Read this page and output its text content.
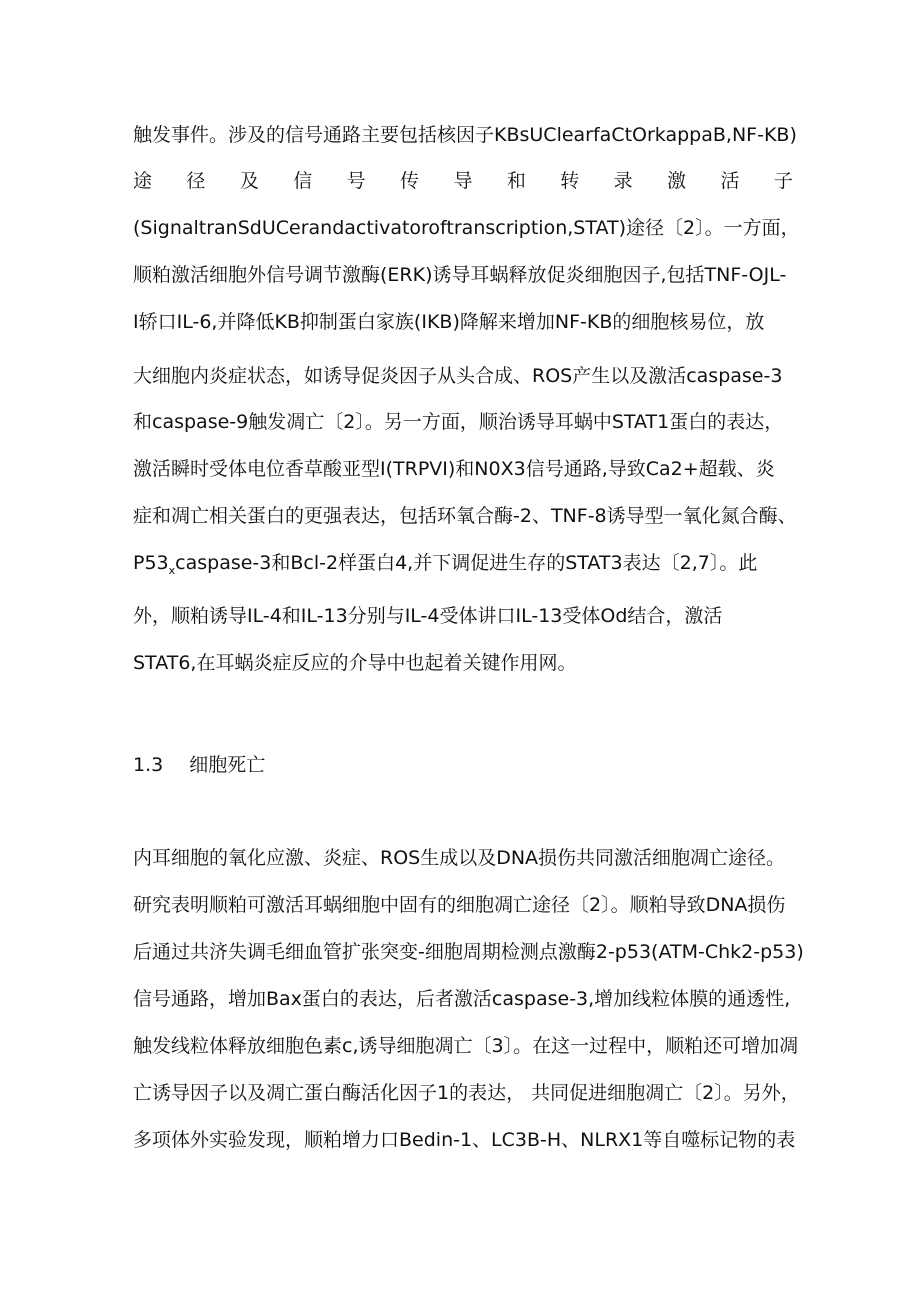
触发事件。涉及的信号通路主要包括核因子KBsUClearfaCtOrkappaB,NF-KB)
途 径 及 信 号 传 导 和 转 录 激 活 子
(SignaltranSdUCerandactivatoroftranscription,STAT)途径〔2〕。一方面，
顺粕激活细胞外信号调节激酶(ERK)诱导耳蜗释放促炎细胞因子,包括TNF-OJL-
I轿口IL-6,并降低KB抑制蛋白家族(IKB)降解来增加NF-KB的细胞核易位，放
大细胞内炎症状态，如诱导促炎因子从头合成、ROS产生以及激活caspase-3
和caspase-9触发凋亡〔2〕。另一方面，顺治诱导耳蜗中STAT1蛋白的表达，
激活瞬时受体电位香草酸亚型I(TRPVI)和N0X3信号通路,导致Ca2+超载、炎
症和凋亡相关蛋白的更强表达，包括环氧合酶-2、TNF-8诱导型一氧化氮合酶、
$P53_xcaspase-3$和Bcl-2样蛋白4,并下调促进生存的STAT3表达〔2,7〕。此
外，顺粕诱导IL-4和IL-13分别与IL-4受体讲口IL-13受体Od结合，激活
STAT6,在耳蜗炎症反应的介导中也起着关键作用网。
1.3 细胞死亡
内耳细胞的氧化应激、炎症、ROS生成以及DNA损伤共同激活细胞凋亡途径。
研究表明顺粕可激活耳蜗细胞中固有的细胞凋亡途径〔2〕。顺粕导致DNA损伤
后通过共济失调毛细血管扩张突变-细胞周期检测点激酶2-p53(ATM-Chk2-p53)
信号通路，增加Bax蛋白的表达，后者激活caspase-3,增加线粒体膜的通透性,
触发线粒体释放细胞色素c,诱导细胞凋亡〔3〕。在这一过程中，顺粕还可增加凋
亡诱导因子以及凋亡蛋白酶活化因子1的表达， 共同促进细胞凋亡〔2〕。另外，
多项体外实验发现，顺粕增力口Bedin-1、LC3B-H、NLRX1等自噬标记物的表
